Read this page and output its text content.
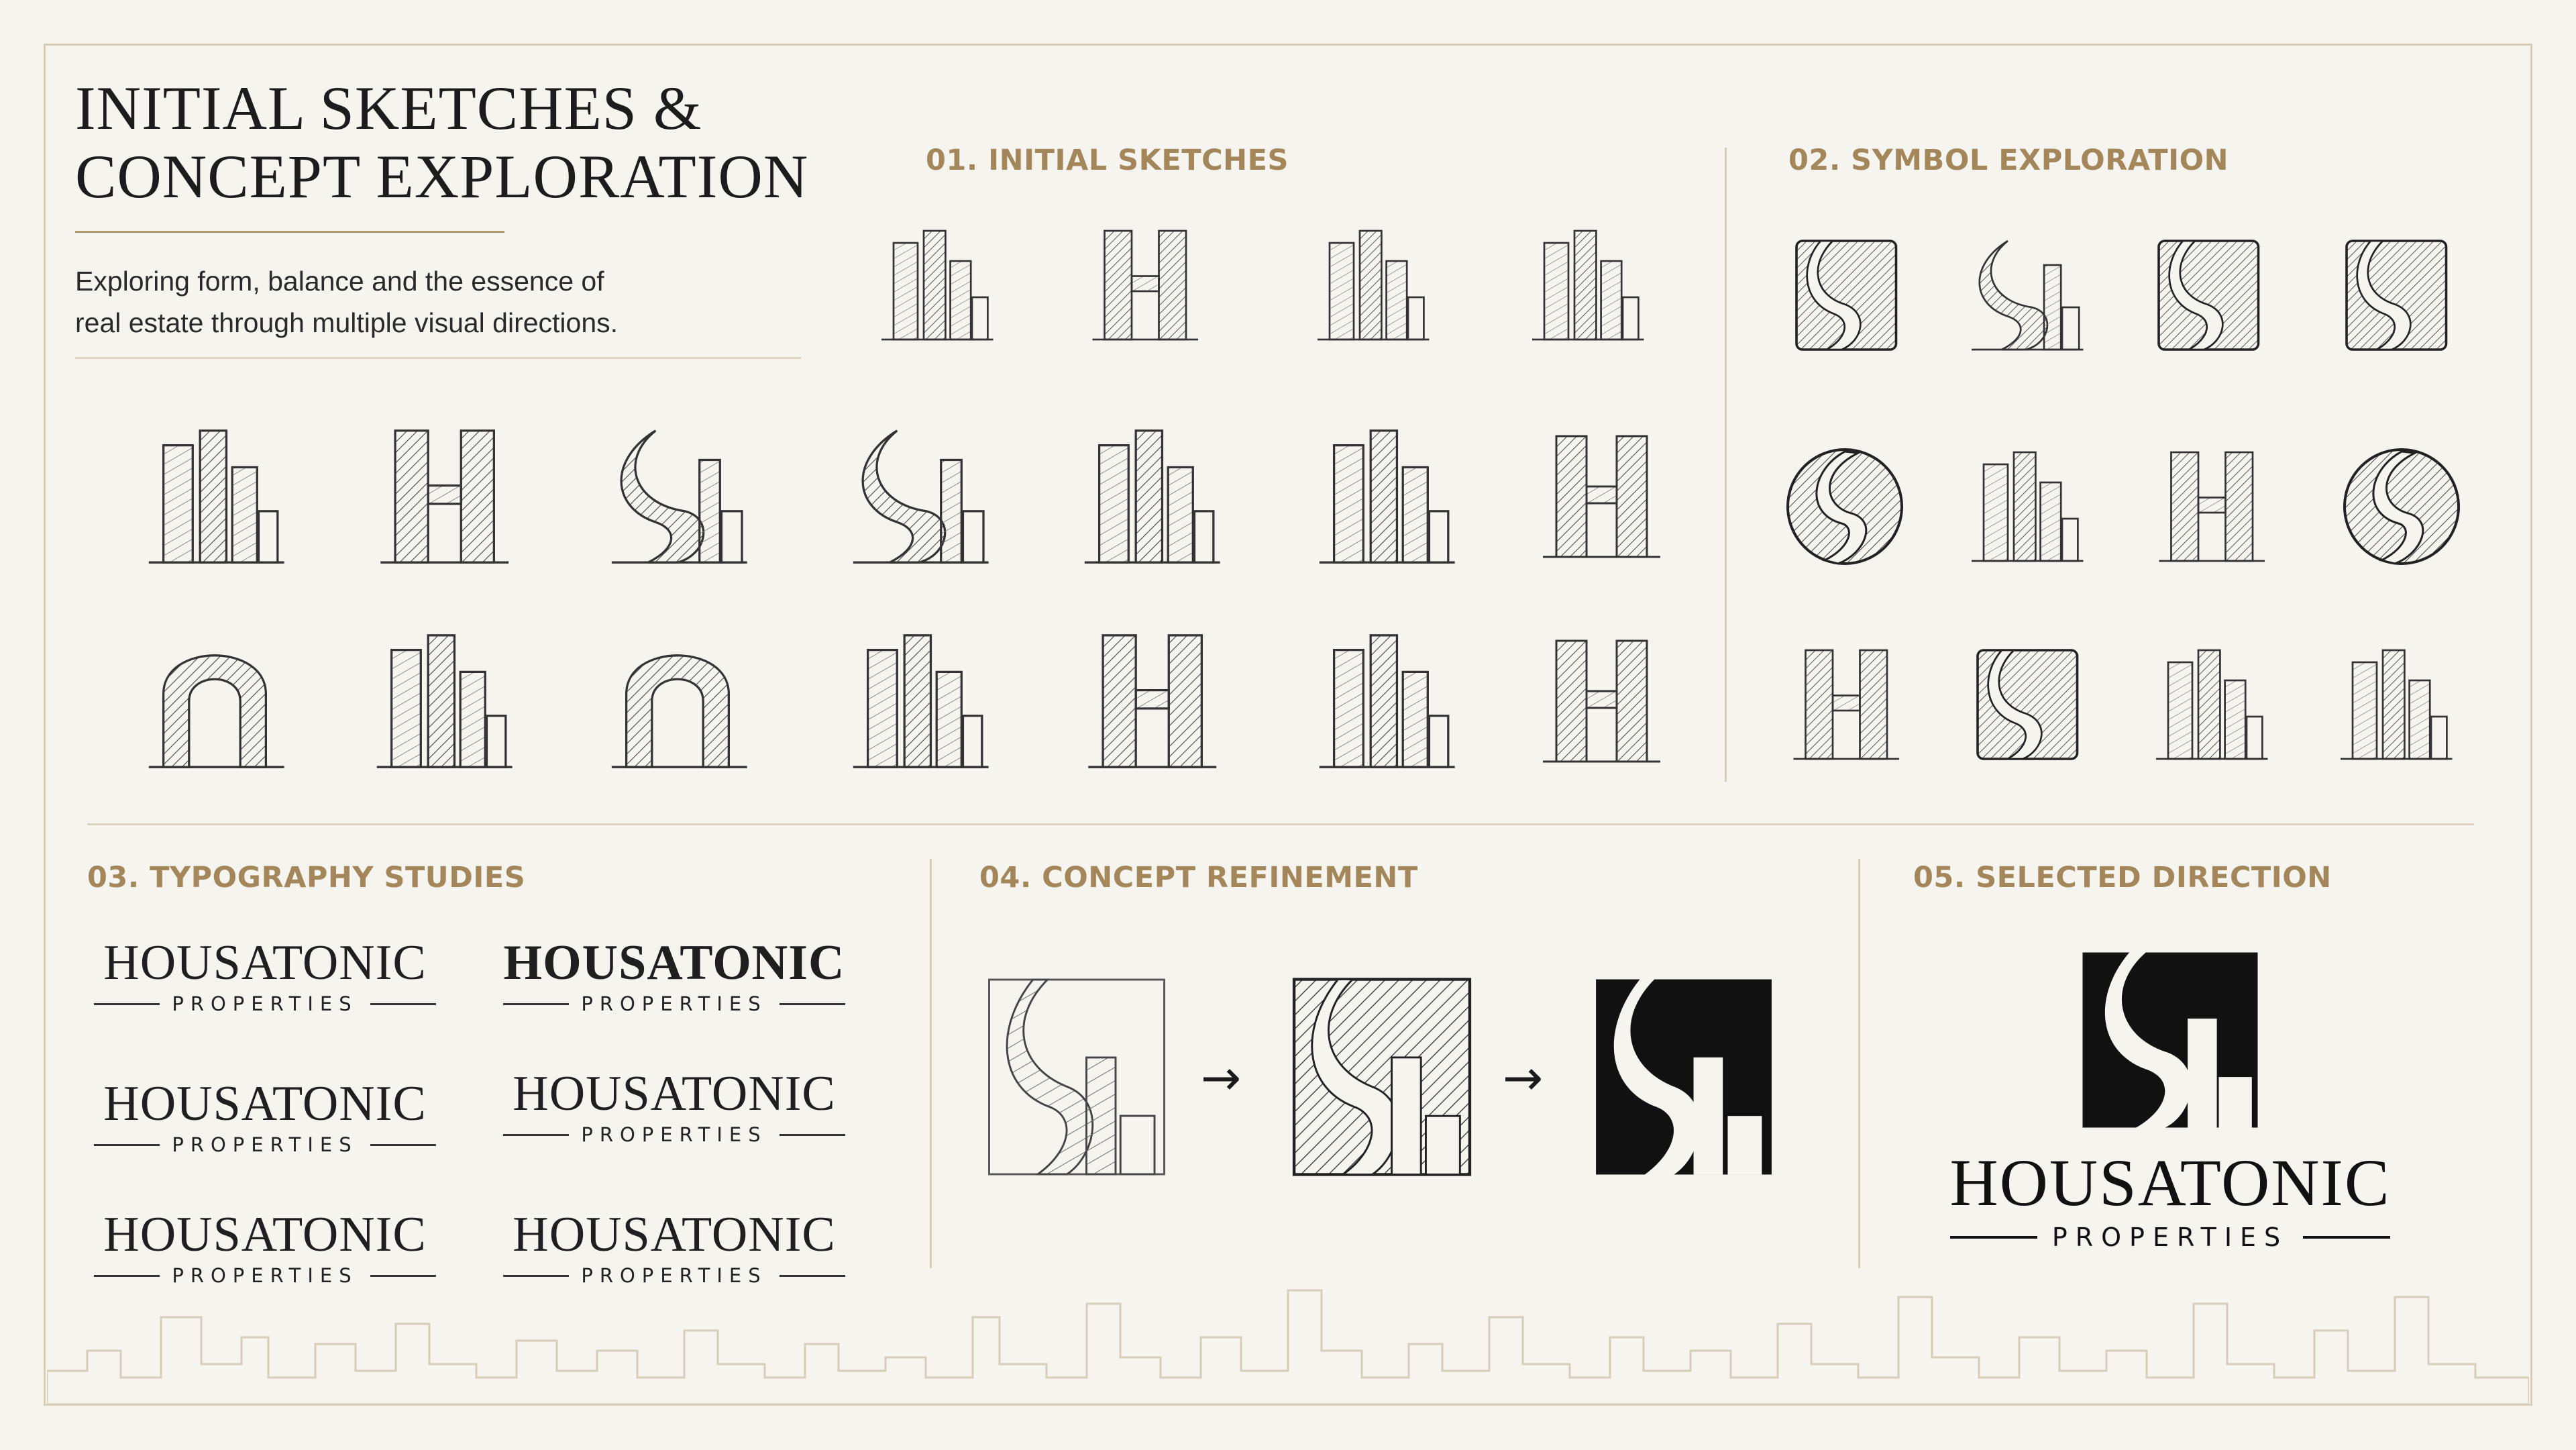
INITIAL SKETCHES &
CONCEPT EXPLORATION
Exploring form, balance and the essence of
real estate through multiple visual directions.
01. INITIAL SKETCHES	02. SYMBOL EXPLORATION
03. TYPOGRAPHY STUDIES	04. CONCEPT REFINEMENT	05. SELECTED DIRECTION
HOUSATONIC
PROPERTIES
HOUSATONIC
PROPERTIES
HOUSATONIC
PROPERTIES
HOUSATONIC
PROPERTIES
HOUSATONIC
PROPERTIES
HOUSATONIC
PROPERTIES
→	→
HOUSATONIC
PROPERTIES
